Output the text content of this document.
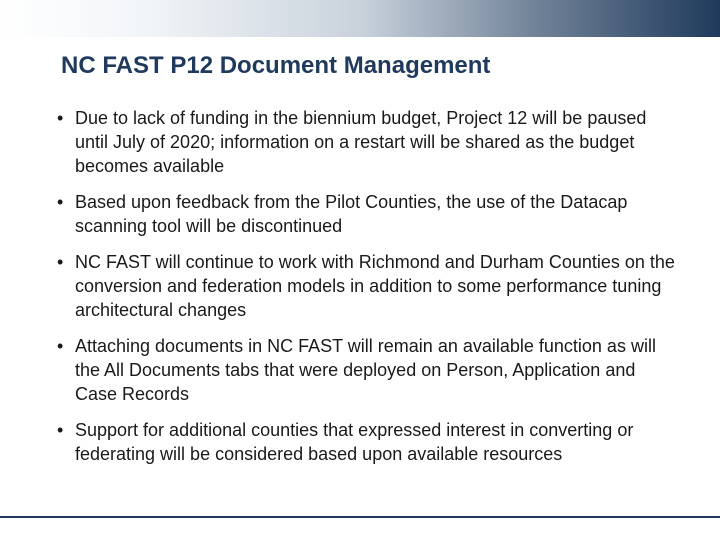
NC FAST P12 Document Management
• Due to lack of funding in the biennium budget, Project 12 will be paused until July of 2020; information on a restart will be shared as the budget becomes available
• Based upon feedback from the Pilot Counties, the use of the Datacap scanning tool will be discontinued
• NC FAST will continue to work with Richmond and Durham Counties on the conversion and federation models in addition to some performance tuning architectural changes
• Attaching documents in NC FAST will remain an available function as will the All Documents tabs that were deployed on Person, Application and Case Records
• Support for additional counties that expressed interest in converting or federating will be considered based upon available resources
